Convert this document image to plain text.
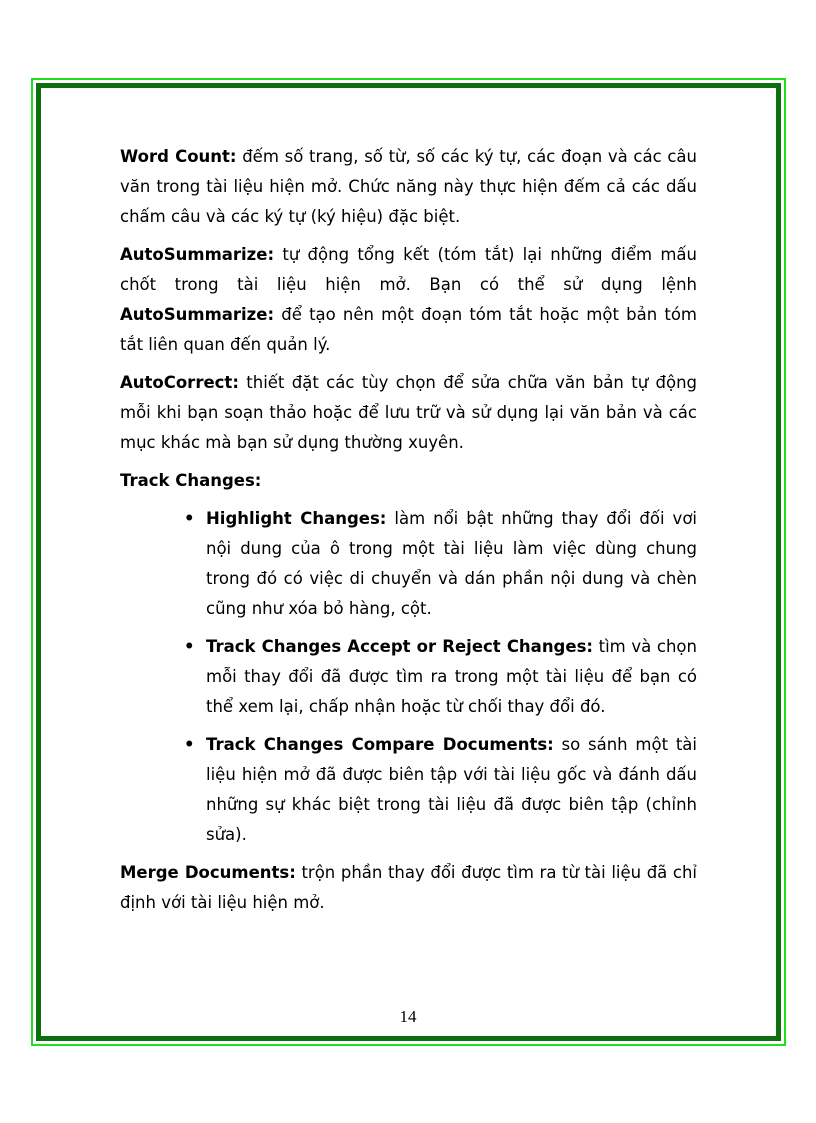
Word Count: đếm số trang, số từ, số các ký tự, các đoạn và các câu văn trong tài liệu hiện mở. Chức năng này thực hiện đếm cả các dấu chấm câu và các ký tự (ký hiệu) đặc biệt.

AutoSummarize: tự động tổng kết (tóm tắt) lại những điểm mấu chốt trong tài liệu hiện mở. Bạn có thể sử dụng lệnh AutoSummarize: để tạo nên một đoạn tóm tắt hoặc một bản tóm tắt liên quan đến quản lý.

AutoCorrect: thiết đặt các tùy chọn để sửa chữa văn bản tự động mỗi khi bạn soạn thảo hoặc để lưu trữ và sử dụng lại văn bản và các mục khác mà bạn sử dụng thường xuyên.

Track Changes:

• Highlight Changes: làm nổi bật những thay đổi đối vơi nội dung của ô trong một tài liệu làm việc dùng chung trong đó có việc di chuyển và dán phần nội dung và chèn cũng như xóa bỏ hàng, cột.
• Track Changes Accept or Reject Changes: tìm và chọn mỗi thay đổi đã được tìm ra trong một tài liệu để bạn có thể xem lại, chấp nhận hoặc từ chối thay đổi đó.
• Track Changes Compare Documents: so sánh một tài liệu hiện mở đã được biên tập với tài liệu gốc và đánh dấu những sự khác biệt trong tài liệu đã được biên tập (chỉnh sửa).

Merge Documents: trộn phần thay đổi được tìm ra từ tài liệu đã chỉ định với tài liệu hiện mở.

14
